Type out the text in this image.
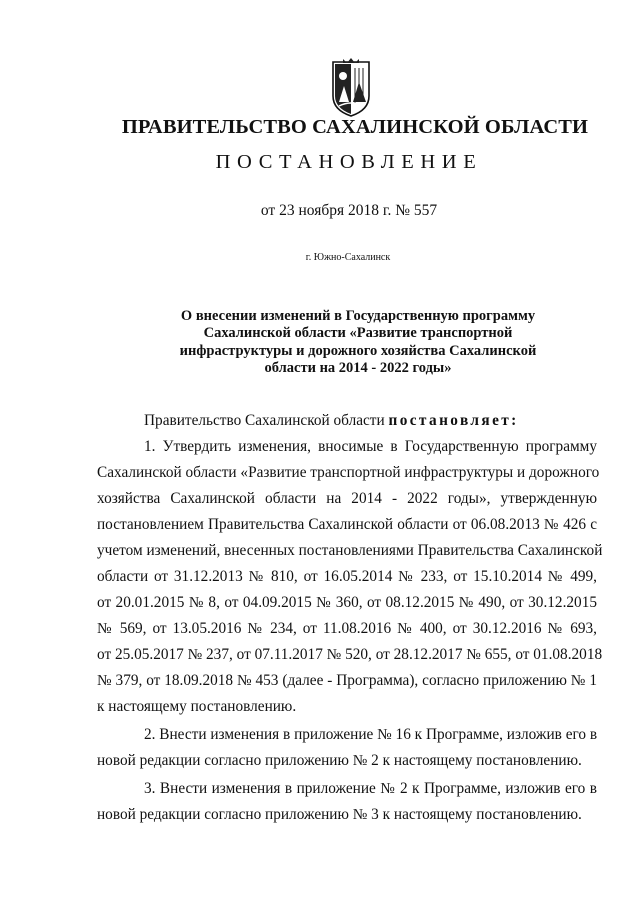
ПРАВИТЕЛЬСТВО САХАЛИНСКОЙ ОБЛАСТИ
ПОСТАНОВЛЕНИЕ
от 23 ноября 2018 г. № 557
г. Южно-Сахалинск
О внесении изменений в Государственную программу
Сахалинской области «Развитие транспортной
инфраструктуры и дорожного хозяйства Сахалинской
области на 2014 - 2022 годы»
Правительство Сахалинской области постановляет:
1. Утвердить изменения, вносимые в Государственную программу
Сахалинской области «Развитие транспортной инфраструктуры и дорожного
хозяйства Сахалинской области на 2014 - 2022 годы», утвержденную
постановлением Правительства Сахалинской области от 06.08.2013 № 426 с
учетом изменений, внесенных постановлениями Правительства Сахалинской
области от 31.12.2013 № 810, от 16.05.2014 № 233, от 15.10.2014 № 499,
от 20.01.2015 № 8, от 04.09.2015 № 360, от 08.12.2015 № 490, от 30.12.2015
№ 569, от 13.05.2016 № 234, от 11.08.2016 № 400, от 30.12.2016 № 693,
от 25.05.2017 № 237, от 07.11.2017 № 520, от 28.12.2017 № 655, от 01.08.2018
№ 379, от 18.09.2018 № 453 (далее - Программа), согласно приложению № 1
к настоящему постановлению.
2. Внести изменения в приложение № 16 к Программе, изложив его в
новой редакции согласно приложению № 2 к настоящему постановлению.
3. Внести изменения в приложение № 2 к Программе, изложив его в
новой редакции согласно приложению № 3 к настоящему постановлению.
